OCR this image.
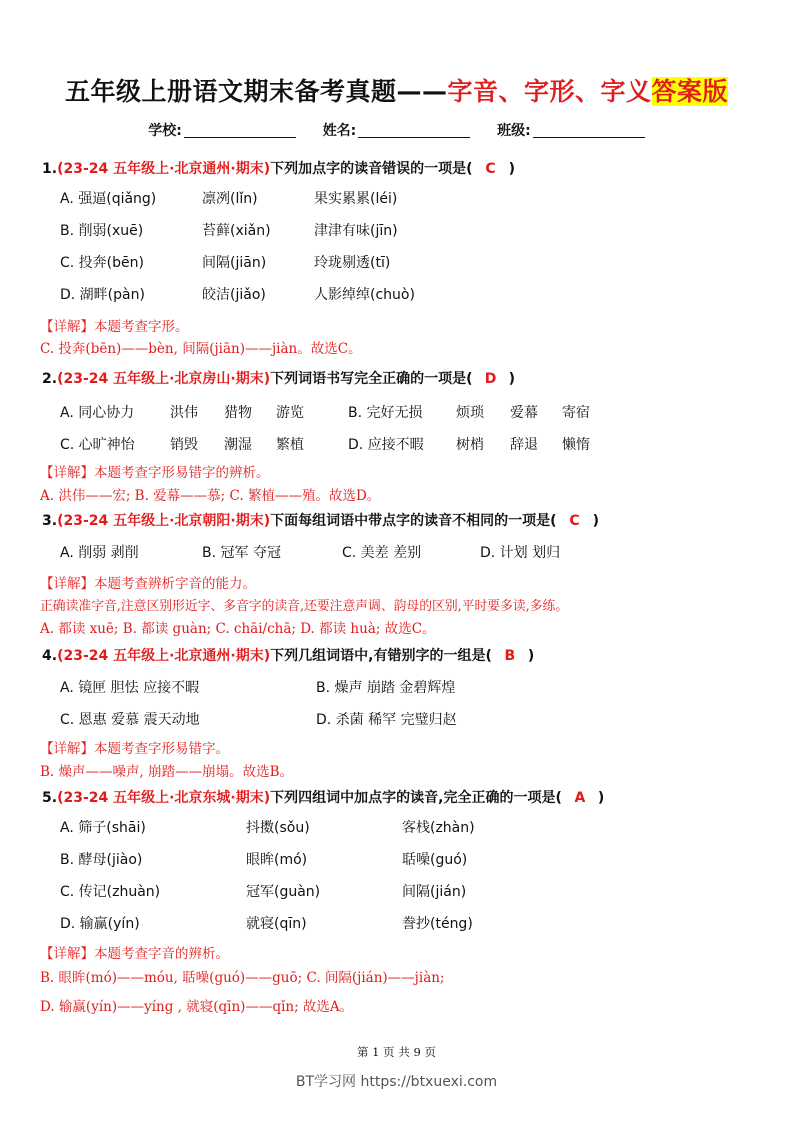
五年级上册语文期末备考真题——字音、字形、字义答案版
学校:	姓名:	班级:
1.(23-24 五年级上·北京通州·期末)下列加点字的读音错误的一项是( C )
A. 强逼(qiǎng)	凛冽(lǐn)	果实累累(léi)
B. 削弱(xuē)	苔藓(xiǎn)	津津有味(jīn)
C. 投奔(bēn)	间隔(jiān)	玲珑剔透(tī)
D. 湖畔(pàn)	皎洁(jiǎo)	人影绰绰(chuò)
【详解】本题考查字形。
C. 投奔(bēn)——bèn, 间隔(jiān)——jiàn。故选C。
2.(23-24 五年级上·北京房山·期末)下列词语书写完全正确的一项是( D )
A. 同心协力	洪伟 猎物 游览	B. 完好无损 烦琐 爱幕 寄宿
C. 心旷神怡	销毁 潮湿 繁植	D. 应接不暇 树梢 辞退 懒惰
【详解】本题考查字形易错字的辨析。
A. 洪伟——宏; B. 爱幕——慕; C. 繁植——殖。故选D。
3.(23-24 五年级上·北京朝阳·期末)下面每组词语中带点字的读音不相同的一项是( C )
A. 削弱 剥削	B. 冠军 夺冠	C. 美差 差别	D. 计划 划归
【详解】本题考查辨析字音的能力。
正确读准字音,注意区别形近字、多音字的读音,还要注意声调、韵母的区别,平时要多读,多练。
A. 都读 xuē; B. 都读 guàn; C. chāi/chā; D. 都读 huà; 故选C。
4.(23-24 五年级上·北京通州·期末)下列几组词语中,有错别字的一组是( B )
A. 镜匣 胆怯 应接不暇	B. 燥声 崩踏 金碧辉煌
C. 恩惠 爱慕 震天动地	D. 杀菌 稀罕 完璧归赵
【详解】本题考查字形易错字。
B. 燥声——噪声, 崩踏——崩塌。故选B。
5.(23-24 五年级上·北京东城·期末)下列四组词中加点字的读音,完全正确的一项是( A )
A. 筛子(shāi)	抖擞(sǒu)	客栈(zhàn)
B. 酵母(jiào)	眼眸(mó)	聒噪(guó)
C. 传记(zhuàn)	冠军(guàn)	间隔(jián)
D. 输赢(yín)	就寝(qīn)	誊抄(téng)
【详解】本题考查字音的辨析。
B. 眼眸(mó)——móu, 聒噪(guó)——guō; C. 间隔(jián)——jiàn;
D. 输赢(yín)——yíng , 就寝(qīn)——qǐn; 故选A。
第 1 页 共 9 页
BT学习网 https://btxuexi.com
